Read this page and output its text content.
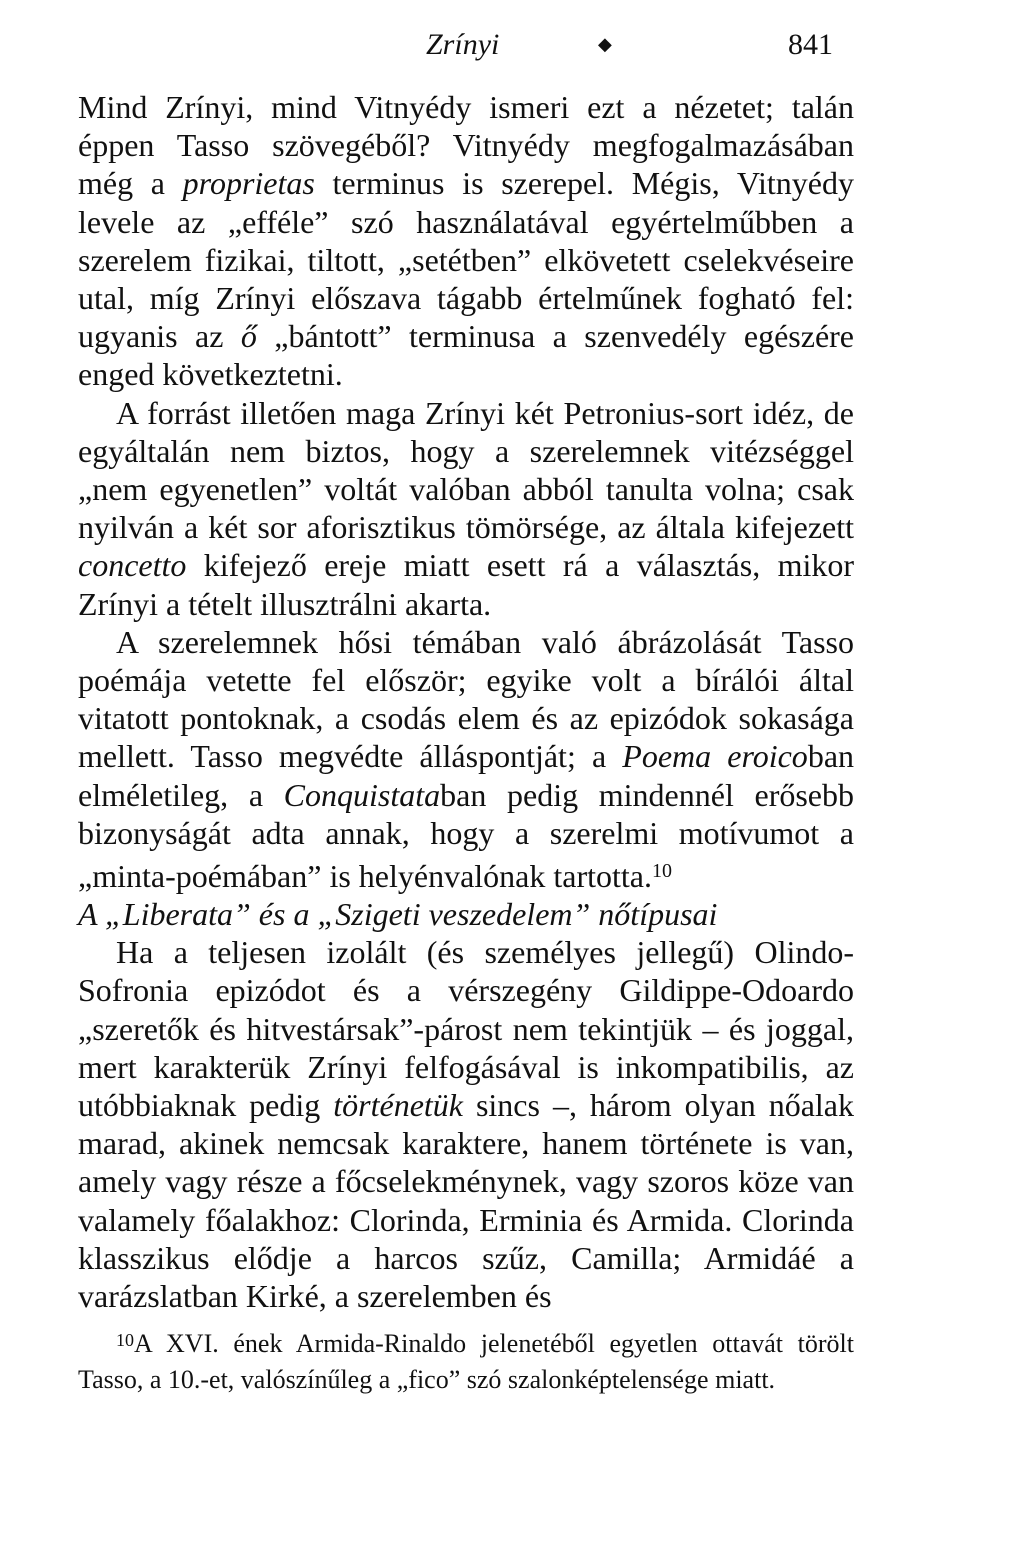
Zrínyi	◆	841

Mind Zrínyi, mind Vitnyédy ismeri ezt a nézetet; talán éppen Tasso szövegéből? Vitnyédy megfogalmazásában még a proprietas terminus is szerepel. Mégis, Vitnyédy levele az „efféle” szó használatával egyértelműbben a szerelem fizikai, tiltott, „setétben” elkövetett cselekvéseire utal, míg Zrínyi előszava tágabb értelműnek fogható fel: ugyanis az ő „bántott” terminusa a szenvedély egészére enged következtetni.

A forrást illetően maga Zrínyi két Petronius-sort idéz, de egyáltalán nem biztos, hogy a szerelemnek vitézséggel „nem egyenetlen” voltát valóban abból tanulta volna; csak nyilván a két sor aforisztikus tömörsége, az általa kifejezett concetto kifejező ereje miatt esett rá a választás, mikor Zrínyi a tételt illusztrálni akarta.

A szerelemnek hősi témában való ábrázolását Tasso poémája vetette fel először; egyike volt a bírálói által vitatott pontoknak, a csodás elem és az epizódok sokasága mellett. Tasso megvédte álláspontját; a Poema eroicoban elméletileg, a Conquistataban pedig mindennél erősebb bizonyságát adta annak, hogy a szerelmi motívumot a „minta-poémában” is helyénvalónak tartotta.$^{10}$

A „Liberata” és a „Szigeti veszedelem” nőtípusai

Ha a teljesen izolált (és személyes jellegű) Olindo-Sofronia epizódot és a vérszegény Gildippe-Odoardo „szeretők és hitvestársak”-párost nem tekintjük – és joggal, mert karakterük Zrínyi felfogásával is inkompatibilis, az utóbbiaknak pedig történetük sincs –, három olyan nőalak marad, akinek nemcsak karaktere, hanem története is van, amely vagy része a főcselekménynek, vagy szoros köze van valamely főalakhoz: Clorinda, Erminia és Armida. Clorinda klasszikus elődje a harcos szűz, Camilla; Armidáé a varázslatban Kirké, a szerelemben és

$^{10}$A XVI. ének Armida-Rinaldo jelenetéből egyetlen ottavát törölt Tasso, a 10.-et, valószínűleg a „fico” szó szalonképtelensége miatt.
